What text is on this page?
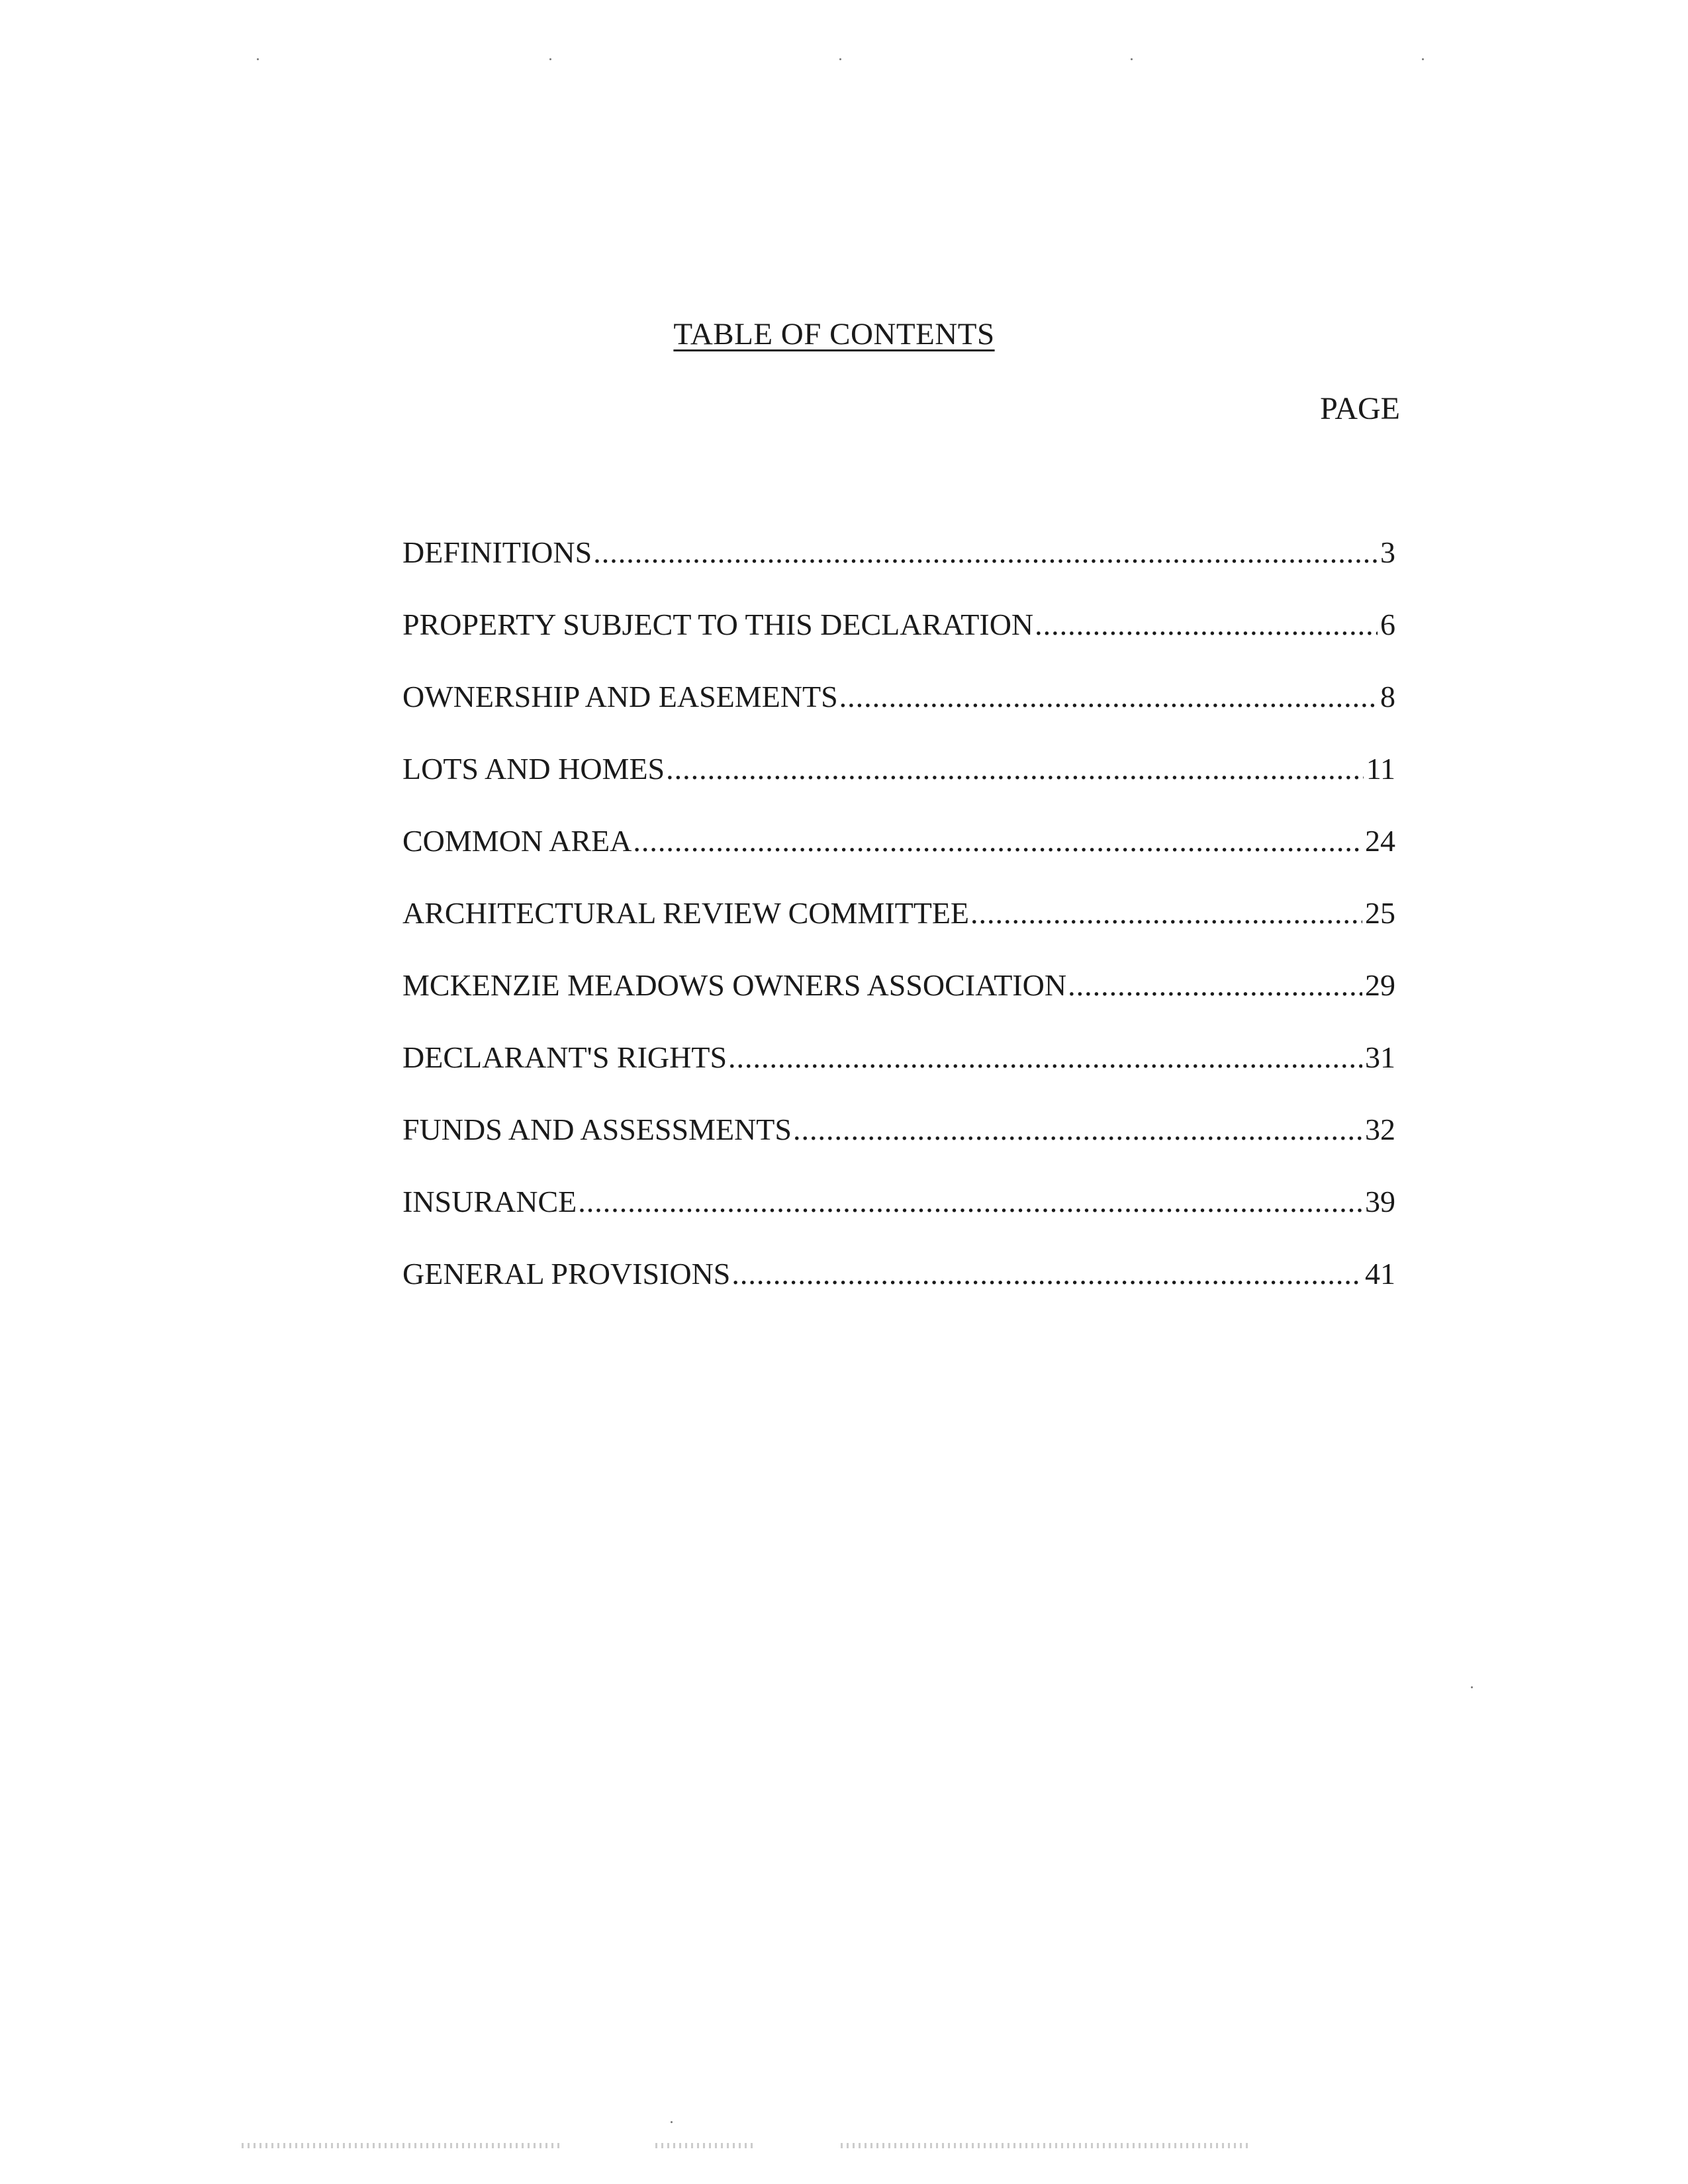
TABLE OF CONTENTS
PAGE
DEFINITIONS .....	3
PROPERTY SUBJECT TO THIS DECLARATION .....	6
OWNERSHIP AND EASEMENTS .....	8
LOTS AND HOMES .....	11
COMMON AREA .....	24
ARCHITECTURAL REVIEW COMMITTEE .....	25
MCKENZIE MEADOWS OWNERS ASSOCIATION .....	29
DECLARANT'S RIGHTS .....	31
FUNDS AND ASSESSMENTS .....	32
INSURANCE .....	39
GENERAL PROVISIONS .....	41
